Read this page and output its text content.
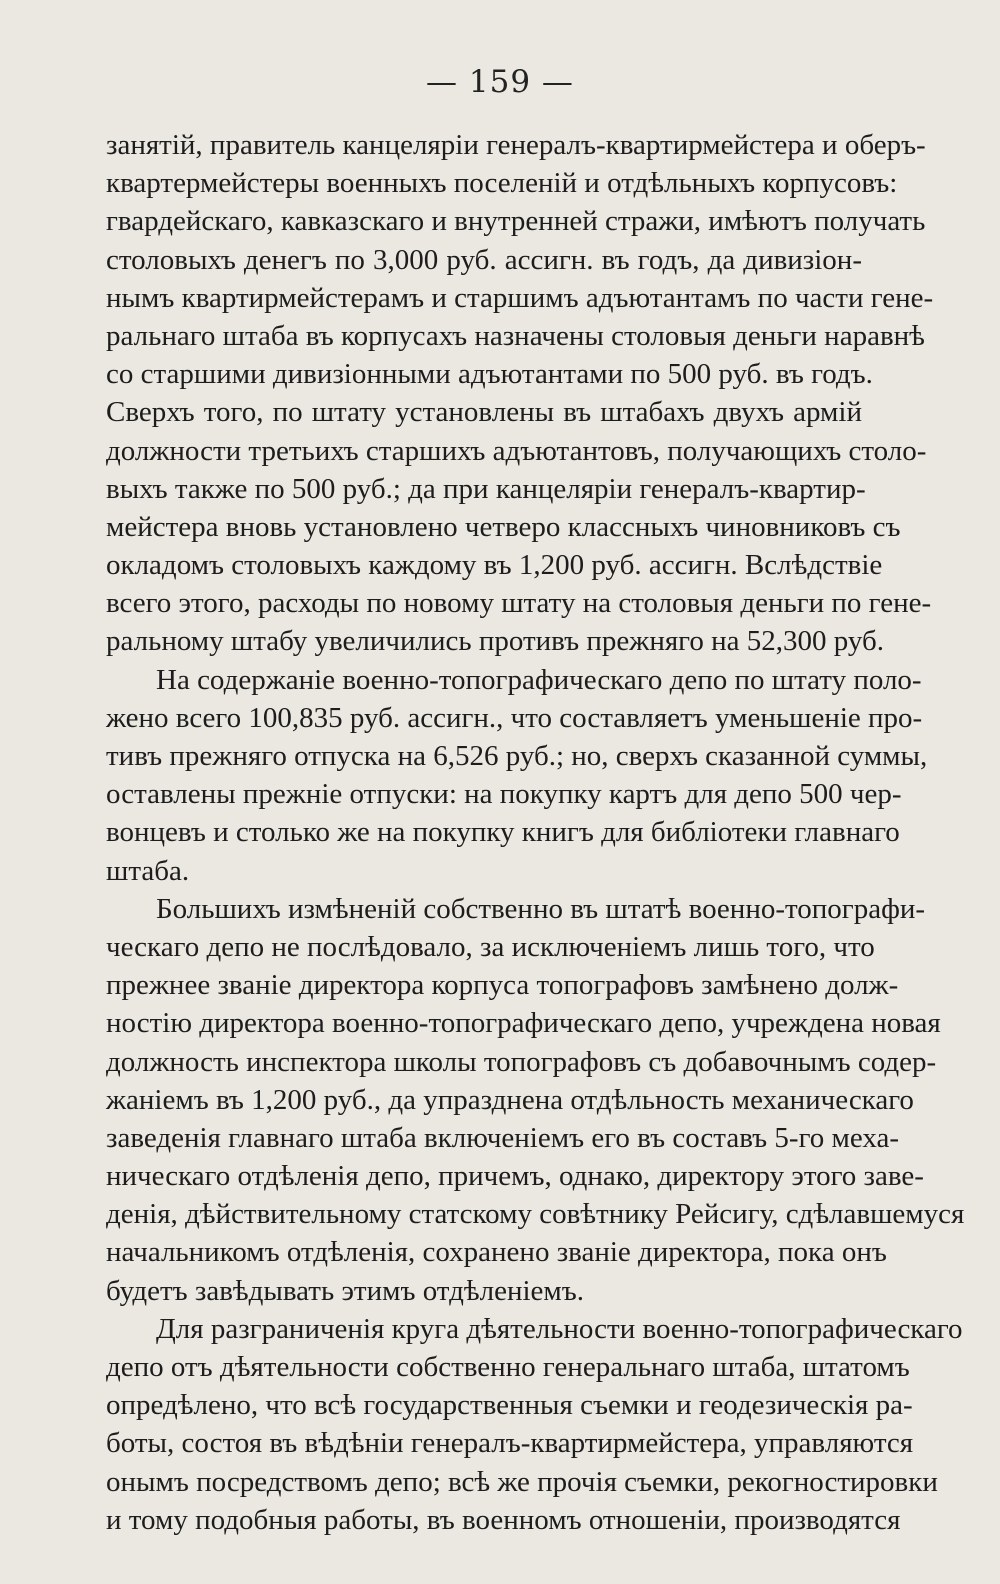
— 159 —
занятій, правитель канцеляріи генералъ-квартирмейстера и оберъ-
квартермейстеры военныхъ поселеній и отдѣльныхъ корпусовъ:
гвардейскаго, кавказскаго и внутренней стражи, имѣютъ получать
столовыхъ денегъ по 3,000 руб. ассигн. въ годъ, да дивизіон-
нымъ квартирмейстерамъ и старшимъ адъютантамъ по части гене-
ральнаго штаба въ корпусахъ назначены столовыя деньги наравнѣ
со старшими дивизіонными адъютантами по 500 руб. въ годъ.
Сверхъ того, по штату установлены въ штабахъ двухъ армій
должности третьихъ старшихъ адъютантовъ, получающихъ столо-
выхъ также по 500 руб.; да при канцеляріи генералъ-квартир-
мейстера вновь установлено четверо классныхъ чиновниковъ съ
окладомъ столовыхъ каждому въ 1,200 руб. ассигн. Вслѣдствіе
всего этого, расходы по новому штату на столовыя деньги по гене-
ральному штабу увеличились противъ прежняго на 52,300 руб.
На содержаніе военно-топографическаго депо по штату поло-
жено всего 100,835 руб. ассигн., что составляетъ уменьшеніе про-
тивъ прежняго отпуска на 6,526 руб.; но, сверхъ сказанной суммы,
оставлены прежніе отпуски: на покупку картъ для депо 500 чер-
вонцевъ и столько же на покупку книгъ для библіотеки главнаго
штаба.
Большихъ измѣненій собственно въ штатѣ военно-топографи-
ческаго депо не послѣдовало, за исключеніемъ лишь того, что
прежнее званіе директора корпуса топографовъ замѣнено долж-
ностію директора военно-топографическаго депо, учреждена новая
должность инспектора школы топографовъ съ добавочнымъ содер-
жаніемъ въ 1,200 руб., да упразднена отдѣльность механическаго
заведенія главнаго штаба включеніемъ его въ составъ 5-го меха-
ническаго отдѣленія депо, причемъ, однако, директору этого заве-
денія, дѣйствительному статскому совѣтнику Рейсигу, сдѣлавшемуся
начальникомъ отдѣленія, сохранено званіе директора, пока онъ
будетъ завѣдывать этимъ отдѣленіемъ.
Для разграниченія круга дѣятельности военно-топографическаго
депо отъ дѣятельности собственно генеральнаго штаба, штатомъ
опредѣлено, что всѣ государственныя съемки и геодезическія ра-
боты, состоя въ вѣдѣніи генералъ-квартирмейстера, управляются
онымъ посредствомъ депо; всѣ же прочія съемки, рекогностировки
и тому подобныя работы, въ военномъ отношеніи, производятся
